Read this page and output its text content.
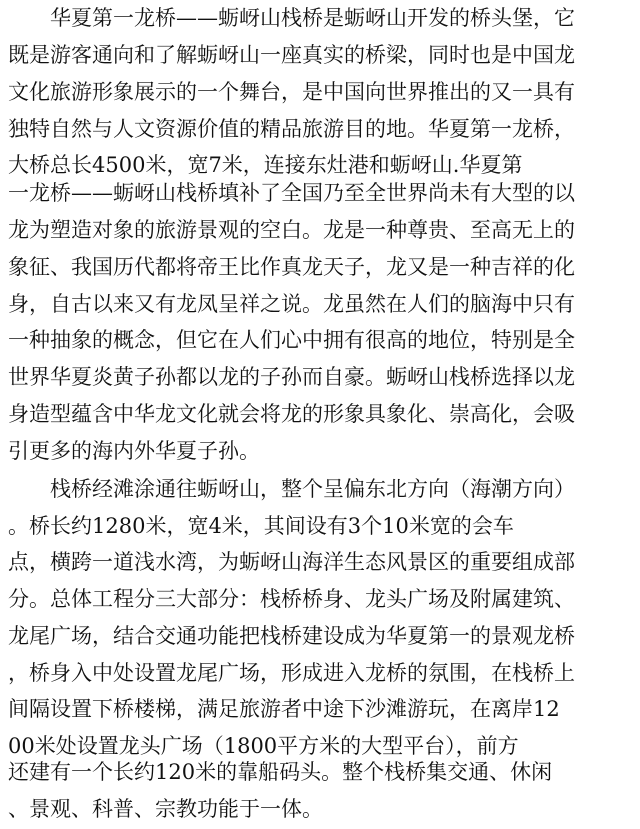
华夏第一龙桥——蛎岈山栈桥是蛎岈山开发的桥头堡，它

既是游客通向和了解蛎岈山一座真实的桥梁，同时也是中国龙

文化旅游形象展示的一个舞台，是中国向世界推出的又一具有

独特自然与人文资源价值的精品旅游目的地。华夏第一龙桥，

大桥总长4500米，宽7米，连接东灶港和蛎岈山.华夏第

一龙桥——蛎岈山栈桥填补了全国乃至全世界尚未有大型的以

龙为塑造对象的旅游景观的空白。龙是一种尊贵、至高无上的

象征、我国历代都将帝王比作真龙天子，龙又是一种吉祥的化

身，自古以来又有龙凤呈祥之说。龙虽然在人们的脑海中只有

一种抽象的概念，但它在人们心中拥有很高的地位，特别是全

世界华夏炎黄子孙都以龙的子孙而自豪。蛎岈山栈桥选择以龙

身造型蕴含中华龙文化就会将龙的形象具象化、崇高化，会吸

引更多的海内外华夏子孙。

栈桥经滩涂通往蛎岈山，整个呈偏东北方向（海潮方向）

。桥长约1280米，宽4米，其间设有3个10米宽的会车

点，横跨一道浅水湾，为蛎岈山海洋生态风景区的重要组成部

分。总体工程分三大部分：栈桥桥身、龙头广场及附属建筑、

龙尾广场，结合交通功能把栈桥建设成为华夏第一的景观龙桥

，桥身入中处设置龙尾广场，形成进入龙桥的氛围，在栈桥上

间隔设置下桥楼梯，满足旅游者中途下沙滩游玩，在离岸12

00米处设置龙头广场（1800平方米的大型平台），前方

还建有一个长约120米的靠船码头。整个栈桥集交通、休闲

、景观、科普、宗教功能于一体。
